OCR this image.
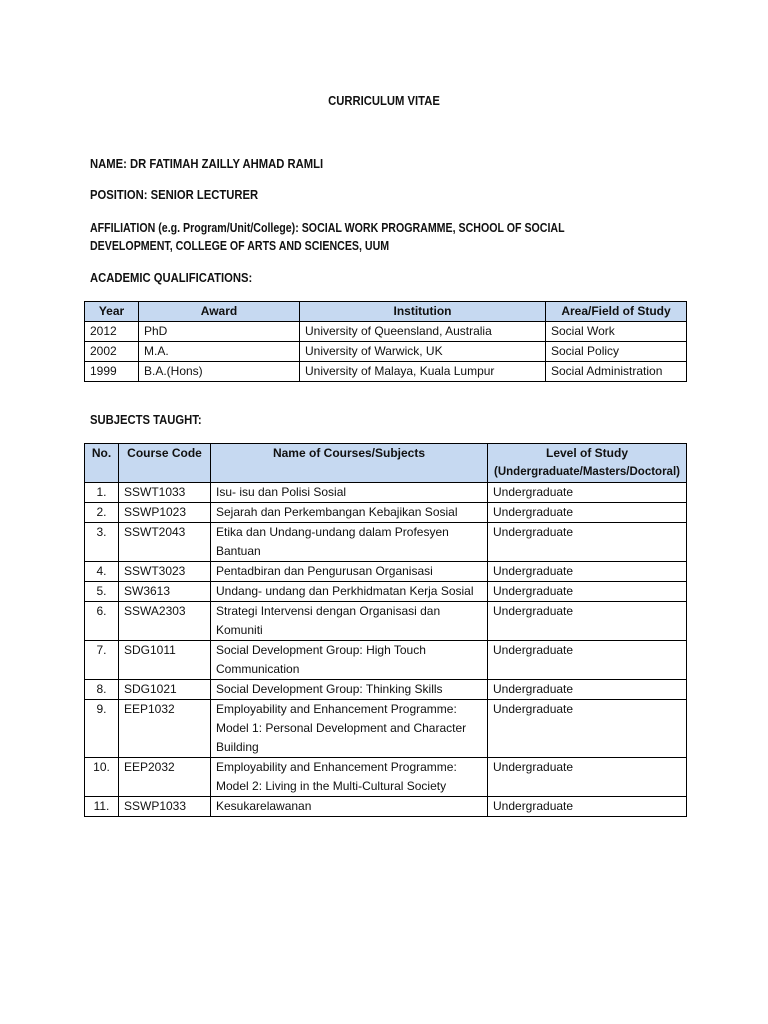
CURRICULUM VITAE
NAME: DR FATIMAH ZAILLY AHMAD RAMLI
POSITION: SENIOR LECTURER
AFFILIATION (e.g. Program/Unit/College): SOCIAL WORK PROGRAMME, SCHOOL OF SOCIAL
DEVELOPMENT, COLLEGE OF ARTS AND SCIENCES, UUM
ACADEMIC QUALIFICATIONS:
Year	Award	Institution	Area/Field of Study
2012	PhD	University of Queensland, Australia	Social Work
2002	M.A.	University of Warwick, UK	Social Policy
1999	B.A.(Hons)	University of Malaya, Kuala Lumpur	Social Administration
SUBJECTS TAUGHT:
No.	Course Code	Name of Courses/Subjects	Level of Study
(Undergraduate/Masters/Doctoral)

1.	SSWT1033	Isu- isu dan Polisi Sosial	Undergraduate
2.	SSWP1023	Sejarah dan Perkembangan Kebajikan Sosial	Undergraduate
3.	SSWT2043	Etika dan Undang-undang dalam Profesyen Bantuan	Undergraduate
4.	SSWT3023	Pentadbiran dan Pengurusan Organisasi	Undergraduate
5.	SW3613	Undang- undang dan Perkhidmatan Kerja Sosial	Undergraduate
6.	SSWA2303	Strategi Intervensi dengan Organisasi dan Komuniti	Undergraduate
7.	SDG1011	Social Development Group: High Touch Communication	Undergraduate
8.	SDG1021	Social Development Group: Thinking Skills	Undergraduate
9.	EEP1032	Employability and Enhancement Programme: Model 1: Personal Development and Character Building	Undergraduate
10.	EEP2032	Employability and Enhancement Programme: Model 2: Living in the Multi-Cultural Society	Undergraduate
11.	SSWP1033	Kesukarelawanan	Undergraduate
